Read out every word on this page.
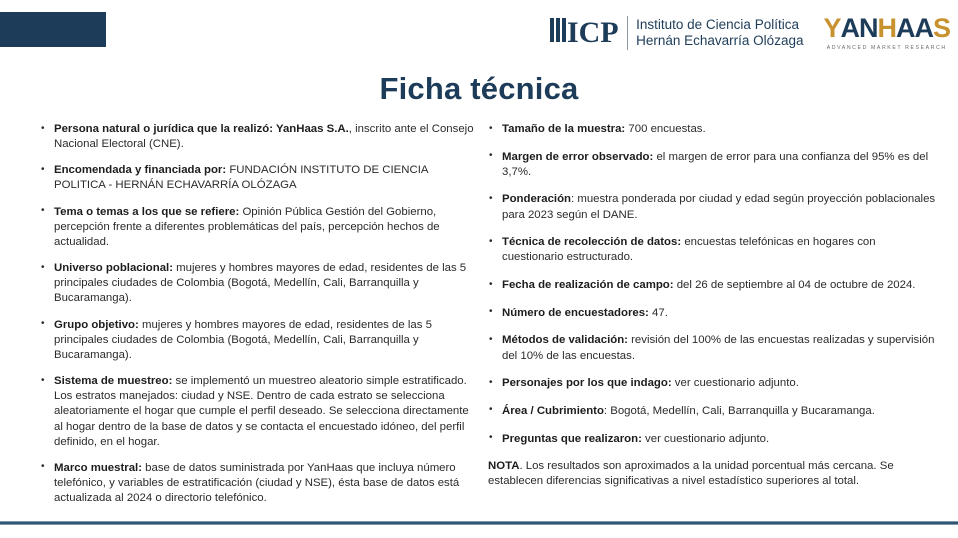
ICP Instituto de Ciencia Política
Hernán Echavarría Olózaga Y AN H AA S
ADVANCED MARKET RESEARCH
Ficha técnica
• Persona natural o jurídica que la realizó: YanHaas S.A., inscrito ante el Consejo Nacional Electoral (CNE).
• Encomendada y financiada por: FUNDACIÓN INSTITUTO DE CIENCIA POLITICA - HERNÁN ECHAVARRÍA OLÓZAGA
• Tema o temas a los que se refiere: Opinión Pública Gestión del Gobierno, percepción frente a diferentes problemáticas del país, percepción hechos de actualidad.
• Universo poblacional: mujeres y hombres mayores de edad, residentes de las 5 principales ciudades de Colombia (Bogotá, Medellín, Cali, Barranquilla y Bucaramanga).
• Grupo objetivo: mujeres y hombres mayores de edad, residentes de las 5 principales ciudades de Colombia (Bogotá, Medellín, Cali, Barranquilla y Bucaramanga).
• Sistema de muestreo: se implementó un muestreo aleatorio simple estratificado. Los estratos manejados: ciudad y NSE. Dentro de cada estrato se selecciona aleatoriamente el hogar que cumple el perfil deseado. Se selecciona directamente al hogar dentro de la base de datos y se contacta el encuestado idóneo, del perfil definido, en el hogar.
• Marco muestral: base de datos suministrada por YanHaas que incluya número telefónico, y variables de estratificación (ciudad y NSE), ésta base de datos está actualizada al 2024 o directorio telefónico.
• Tamaño de la muestra: 700 encuestas.
• Margen de error observado: el margen de error para una confianza del 95% es del 3,7%.
• Ponderación: muestra ponderada por ciudad y edad según proyección poblacionales para 2023 según el DANE.
• Técnica de recolección de datos: encuestas telefónicas en hogares con cuestionario estructurado.
• Fecha de realización de campo: del 26 de septiembre al 04 de octubre de 2024.
• Número de encuestadores: 47.
• Métodos de validación: revisión del 100% de las encuestas realizadas y supervisión del 10% de las encuestas.
• Personajes por los que indago: ver cuestionario adjunto.
• Área / Cubrimiento: Bogotá, Medellín, Cali, Barranquilla y Bucaramanga.
• Preguntas que realizaron: ver cuestionario adjunto.

NOTA. Los resultados son aproximados a la unidad porcentual más cercana. Se establecen diferencias significativas a nivel estadístico superiores al total.
